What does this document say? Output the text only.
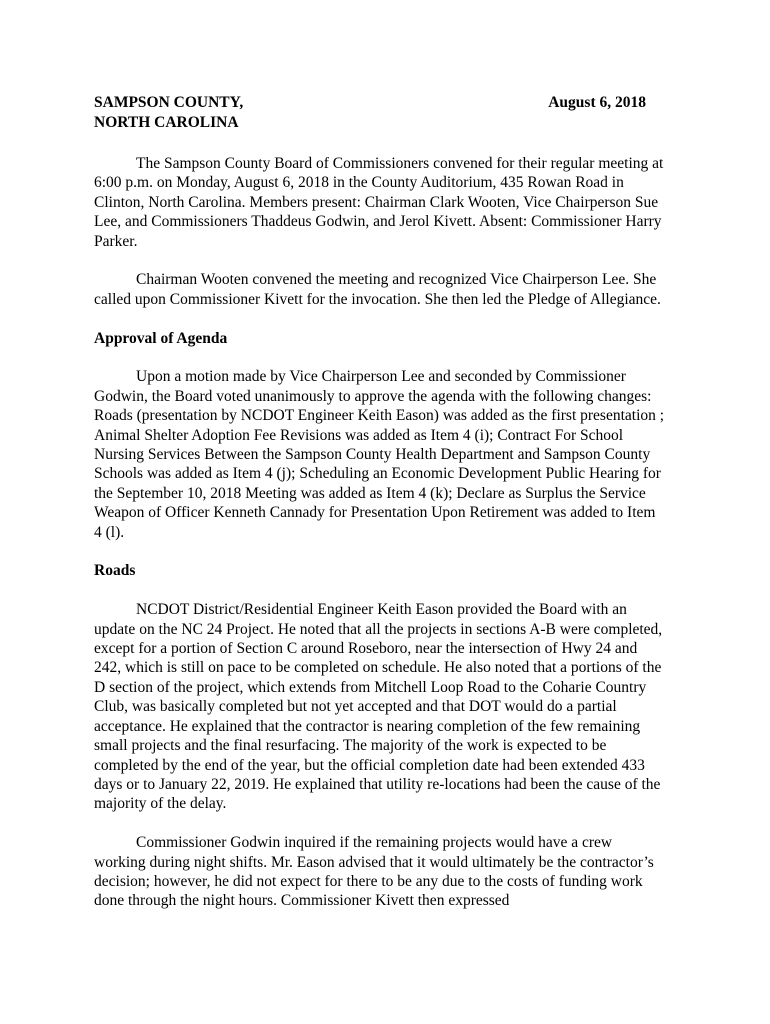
SAMPSON COUNTY,
NORTH CAROLINA
August 6, 2018

The Sampson County Board of Commissioners convened for their regular meeting at 6:00 p.m. on Monday, August 6, 2018 in the County Auditorium, 435 Rowan Road in Clinton, North Carolina. Members present: Chairman Clark Wooten, Vice Chairperson Sue Lee, and Commissioners Thaddeus Godwin, and Jerol Kivett. Absent: Commissioner Harry Parker.

Chairman Wooten convened the meeting and recognized Vice Chairperson Lee. She called upon Commissioner Kivett for the invocation. She then led the Pledge of Allegiance.

Approval of Agenda

Upon a motion made by Vice Chairperson Lee and seconded by Commissioner Godwin, the Board voted unanimously to approve the agenda with the following changes: Roads (presentation by NCDOT Engineer Keith Eason) was added as the first presentation ; Animal Shelter Adoption Fee Revisions was added as Item 4 (i); Contract For School Nursing Services Between the Sampson County Health Department and Sampson County Schools was added as Item 4 (j); Scheduling an Economic Development Public Hearing for the September 10, 2018 Meeting was added as Item 4 (k); Declare as Surplus the Service Weapon of Officer Kenneth Cannady for Presentation Upon Retirement was added to Item 4 (l).

Roads

NCDOT District/Residential Engineer Keith Eason provided the Board with an update on the NC 24 Project. He noted that all the projects in sections A-B were completed, except for a portion of Section C around Roseboro, near the intersection of Hwy 24 and 242, which is still on pace to be completed on schedule. He also noted that a portions of the D section of the project, which extends from Mitchell Loop Road to the Coharie Country Club, was basically completed but not yet accepted and that DOT would do a partial acceptance. He explained that the contractor is nearing completion of the few remaining small projects and the final resurfacing. The majority of the work is expected to be completed by the end of the year, but the official completion date had been extended 433 days or to January 22, 2019. He explained that utility re-locations had been the cause of the majority of the delay.

Commissioner Godwin inquired if the remaining projects would have a crew working during night shifts. Mr. Eason advised that it would ultimately be the contractor’s decision; however, he did not expect for there to be any due to the costs of funding work done through the night hours. Commissioner Kivett then expressed
